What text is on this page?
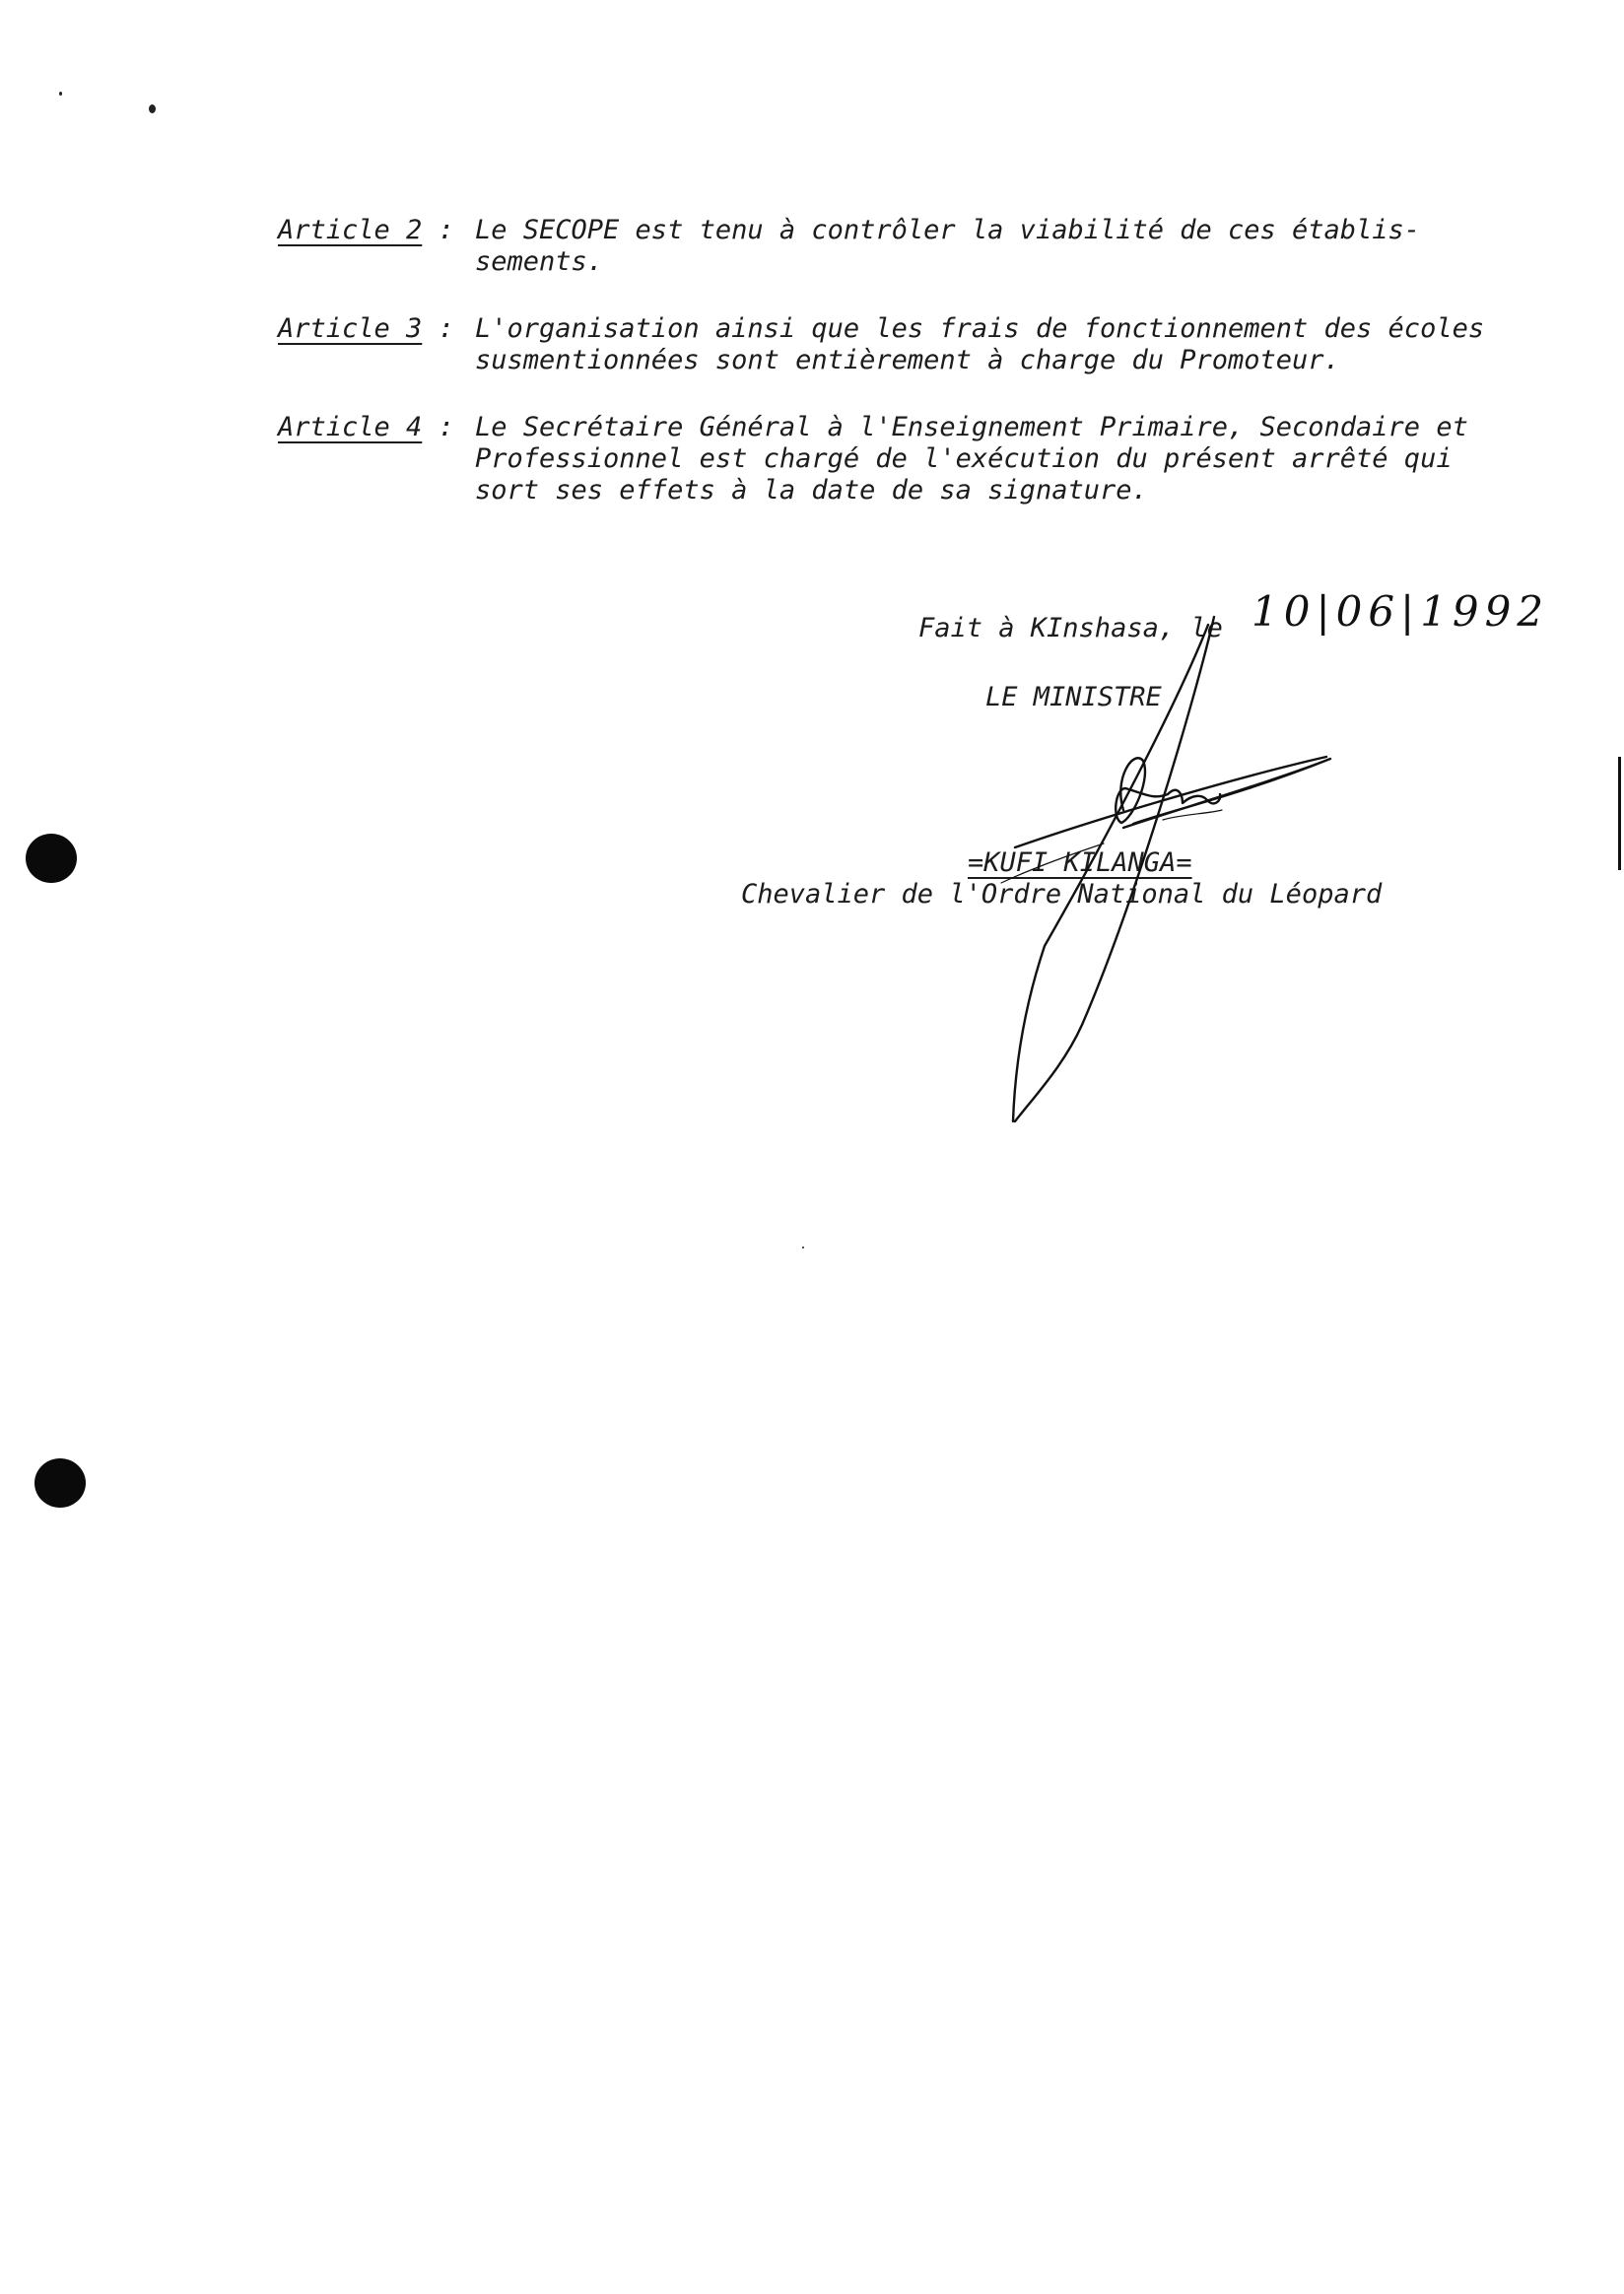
Article 2 : Le SECOPE est tenu à contrôler la viabilité de ces établis-
sements.
Article 3 : L'organisation ainsi que les frais de fonctionnement des écoles
susmentionnées sont entièrement à charge du Promoteur.
Article 4 : Le Secrétaire Général à l'Enseignement Primaire, Secondaire et
Professionnel est chargé de l'exécution du présent arrêté qui
sort ses effets à la date de sa signature.
Fait à KInshasa, le 10|06|1992
LE MINISTRE
=KUFI KILANGA=
Chevalier de l'Ordre National du Léopard
